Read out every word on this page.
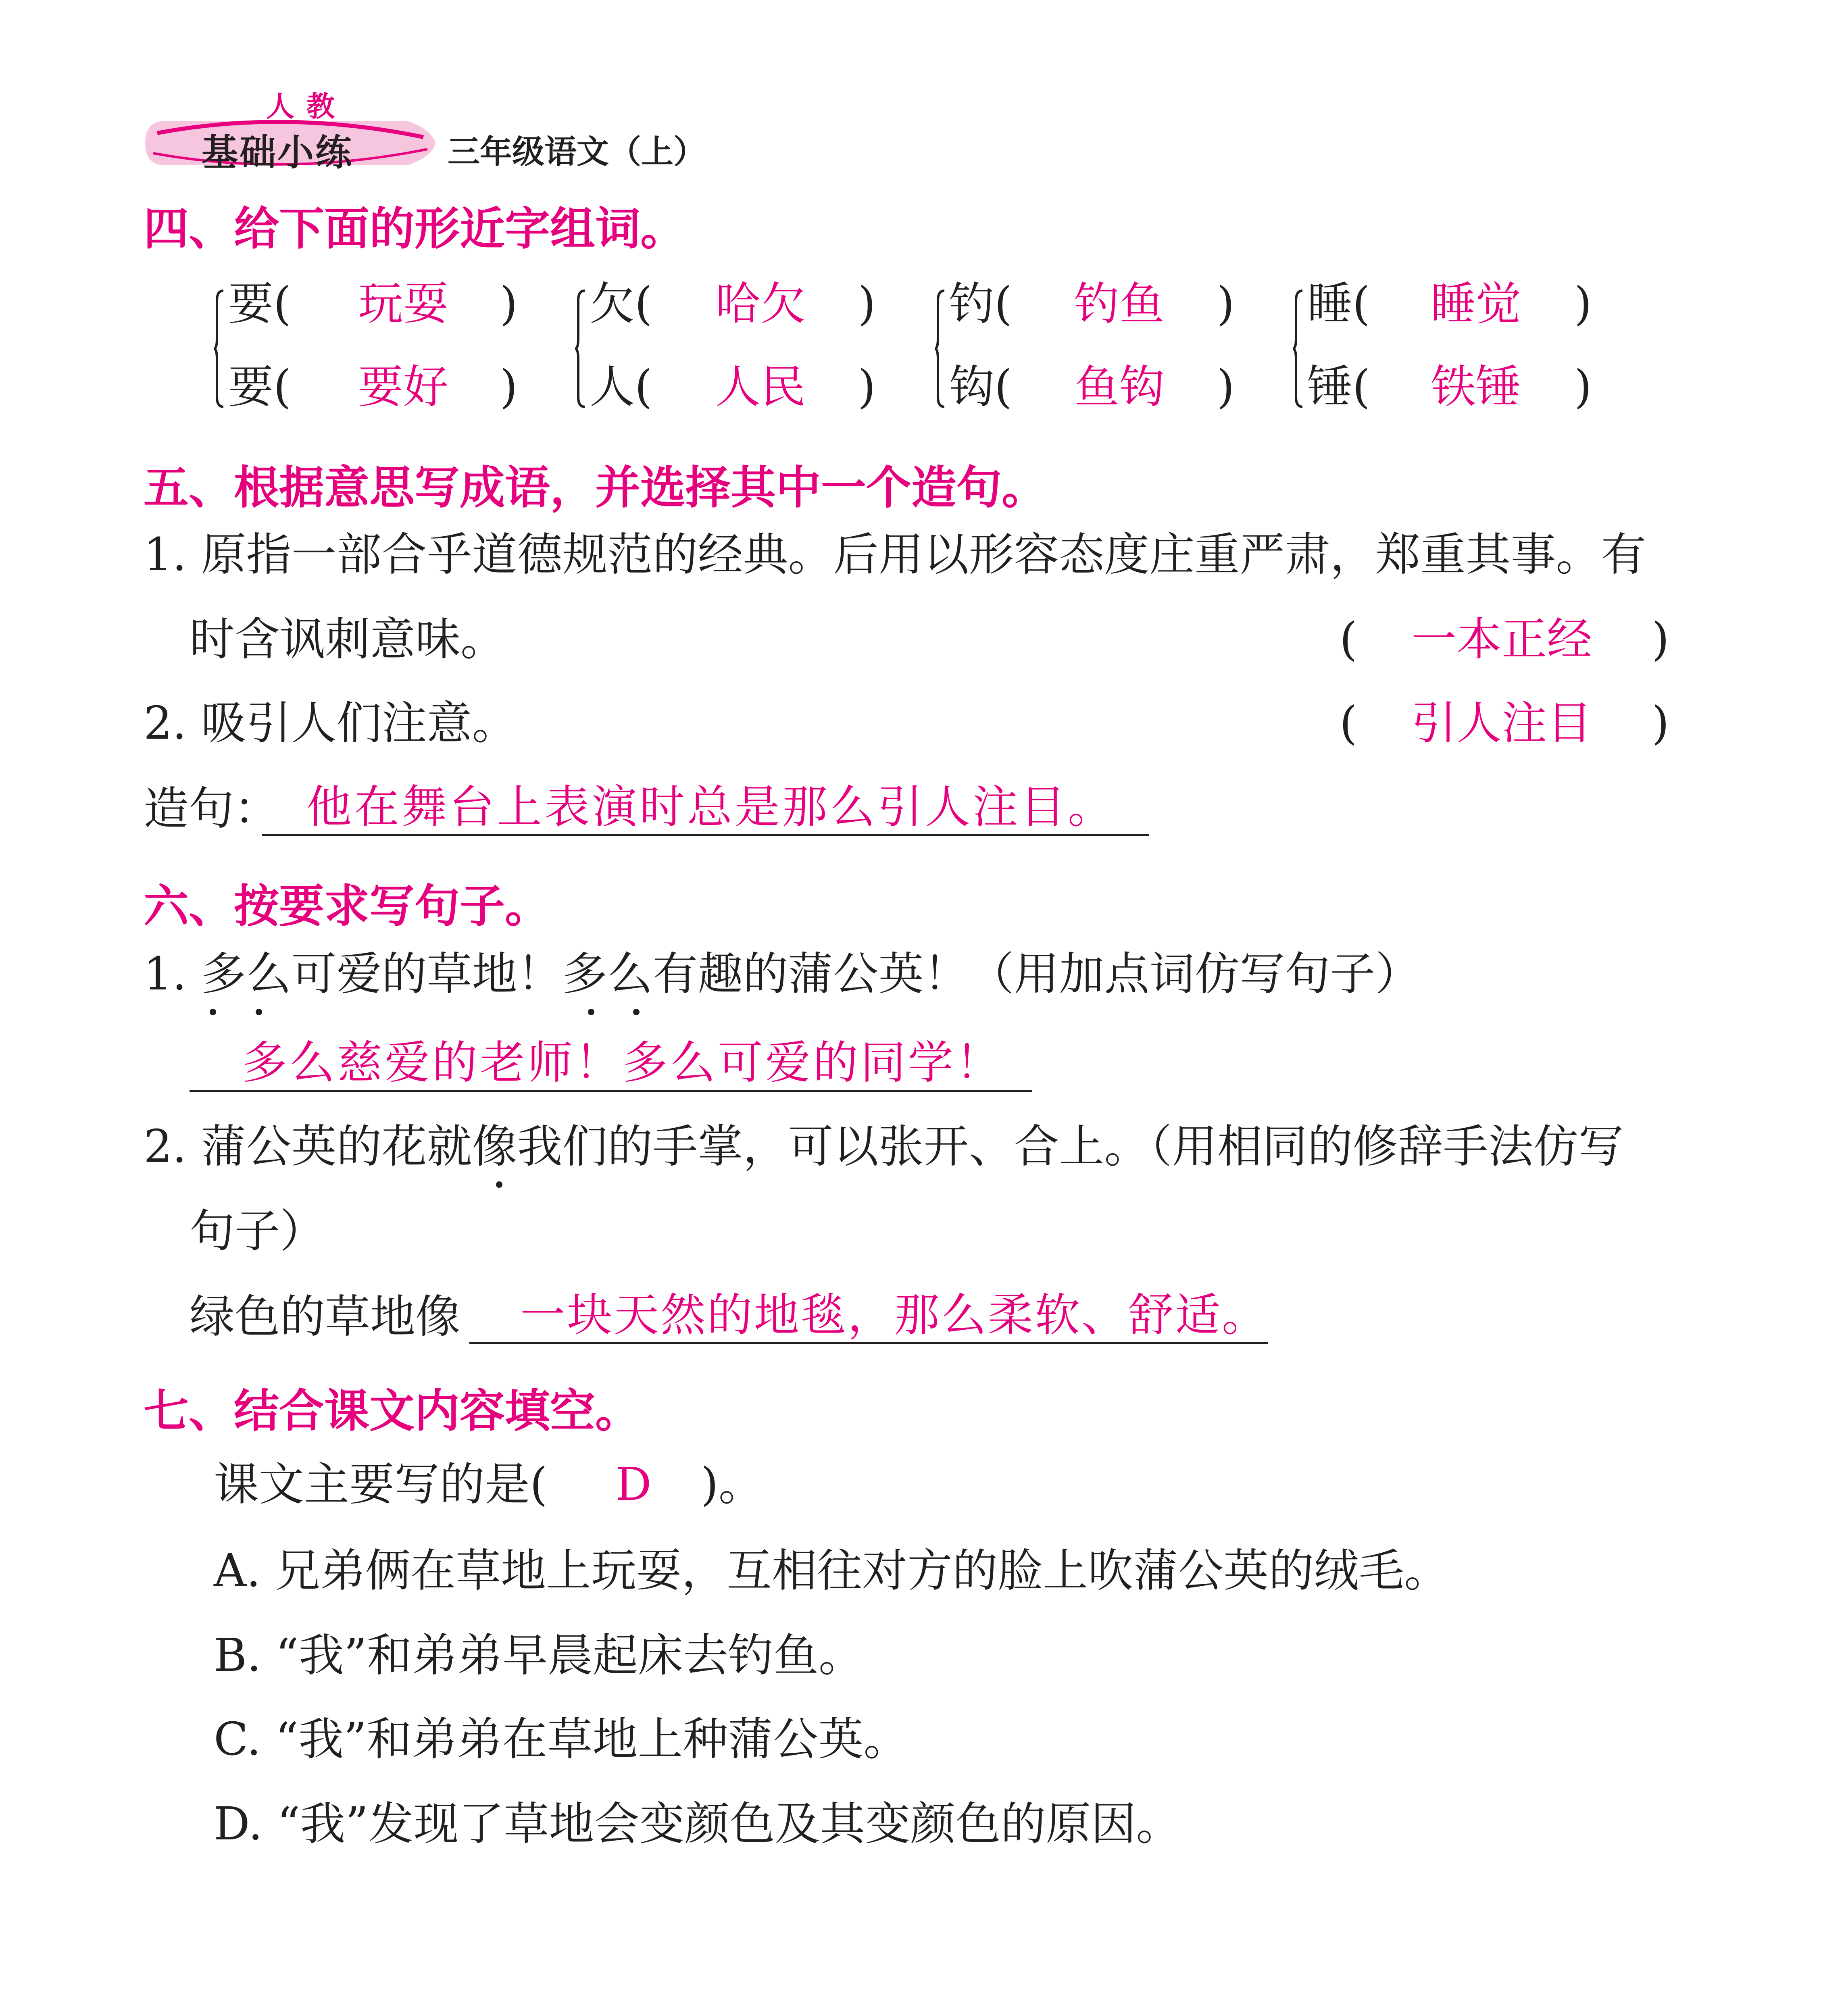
人教
基础小练	三年级语文（上）
四、给下面的形近字组词。
要( 玩耍 )
要( 要好 )
欠( 哈欠 )
人( 人民 )
钓( 钓鱼 )
钩( 鱼钩 )
睡( 睡觉 )
锤( 铁锤 )
五、根据意思写成语，并选择其中一个造句。
1. 原指一部合乎道德规范的经典。后用以形容态度庄重严肃，郑重其事。有
时含讽刺意味。	( 一本正经 )
2. 吸引人们注意。	( 引人注目 )
造句： 他在舞台上表演时总是那么引人注目。
六、按要求写句子。
1. 多么可爱的草地！多么有趣的蒲公英！（用加点词仿写句子）
多么慈爱的老师！多么可爱的同学！
2. 蒲公英的花就像我们的手掌，可以张开、合上。（用相同的修辞手法仿写
句子）
绿色的草地像 一块天然的地毯，那么柔软、舒适。
七、结合课文内容填空。
课文主要写的是( D )。
A. 兄弟俩在草地上玩耍，互相往对方的脸上吹蒲公英的绒毛。
B. “我”和弟弟早晨起床去钓鱼。
C. “我”和弟弟在草地上种蒲公英。
D. “我”发现了草地会变颜色及其变颜色的原因。
